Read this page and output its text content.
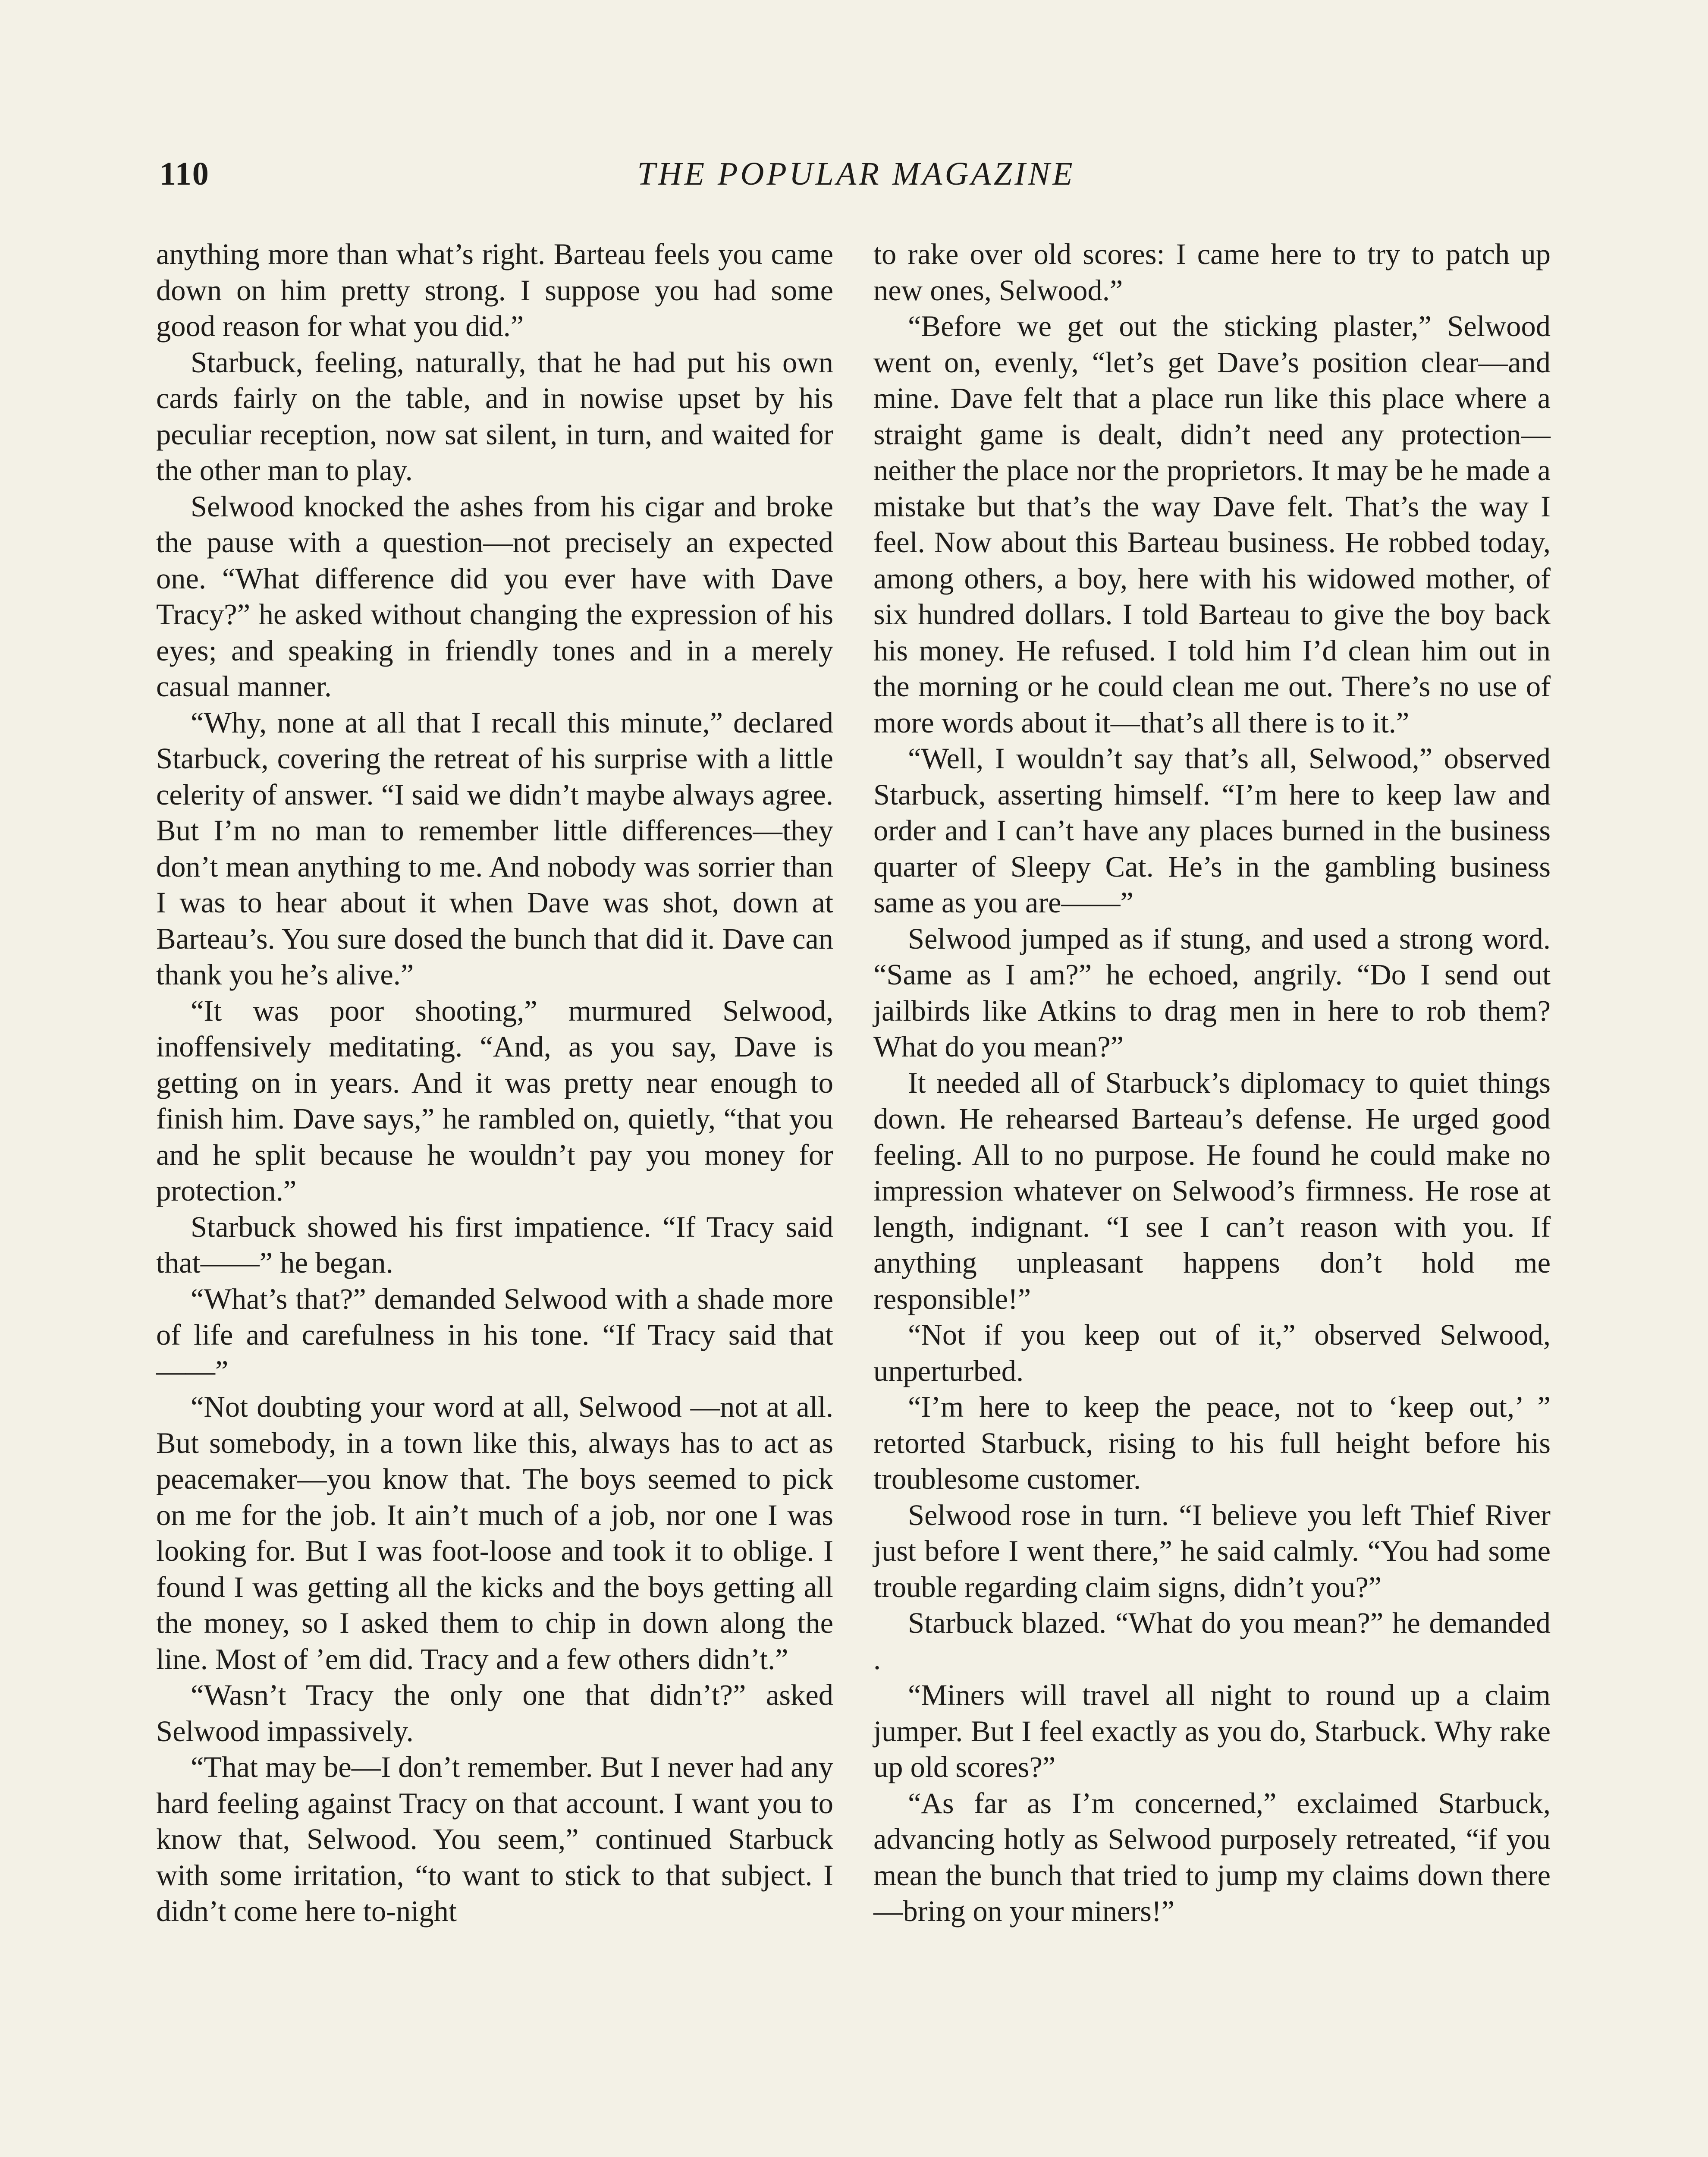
110	THE POPULAR MAGAZINE

anything more than what’s right. Barteau feels you came down on him pretty strong. I suppose you had some good reason for what you did.”

Starbuck, feeling, naturally, that he had put his own cards fairly on the table, and in nowise upset by his peculiar reception, now sat silent, in turn, and waited for the other man to play.

Selwood knocked the ashes from his cigar and broke the pause with a question—not precisely an expected one. “What difference did you ever have with Dave Tracy?” he asked without changing the expression of his eyes; and speaking in friendly tones and in a merely casual manner.

“Why, none at all that I recall this minute,” declared Starbuck, covering the retreat of his surprise with a little celerity of answer. “I said we didn’t maybe always agree. But I’m no man to remember little differences—they don’t mean anything to me. And nobody was sorrier than I was to hear about it when Dave was shot, down at Barteau’s. You sure dosed the bunch that did it. Dave can thank you he’s alive.”

“It was poor shooting,” murmured Selwood, inoffensively meditating. “And, as you say, Dave is getting on in years. And it was pretty near enough to finish him. Dave says,” he rambled on, quietly, “that you and he split because he wouldn’t pay you money for protection.”

Starbuck showed his first impatience. “If Tracy said that——” he began.

“What’s that?” demanded Selwood with a shade more of life and carefulness in his tone. “If Tracy said that——”

“Not doubting your word at all, Selwood —not at all. But somebody, in a town like this, always has to act as peacemaker—you know that. The boys seemed to pick on me for the job. It ain’t much of a job, nor one I was looking for. But I was foot-loose and took it to oblige. I found I was getting all the kicks and the boys getting all the money, so I asked them to chip in down along the line. Most of ’em did. Tracy and a few others didn’t.”

“Wasn’t Tracy the only one that didn’t?” asked Selwood impassively.

“That may be—I don’t remember. But I never had any hard feeling against Tracy on that account. I want you to know that, Selwood. You seem,” continued Starbuck with some irritation, “to want to stick to that subject. I didn’t come here to-night

to rake over old scores: I came here to try to patch up new ones, Selwood.”

“Before we get out the sticking plaster,” Selwood went on, evenly, “let’s get Dave’s position clear—and mine. Dave felt that a place run like this place where a straight game is dealt, didn’t need any protection—neither the place nor the proprietors. It may be he made a mistake but that’s the way Dave felt. That’s the way I feel. Now about this Barteau business. He robbed today, among others, a boy, here with his widowed mother, of six hundred dollars. I told Barteau to give the boy back his money. He refused. I told him I’d clean him out in the morning or he could clean me out. There’s no use of more words about it—that’s all there is to it.”

“Well, I wouldn’t say that’s all, Selwood,” observed Starbuck, asserting himself. “I’m here to keep law and order and I can’t have any places burned in the business quarter of Sleepy Cat. He’s in the gambling business same as you are——”

Selwood jumped as if stung, and used a strong word. “Same as I am?” he echoed, angrily. “Do I send out jailbirds like Atkins to drag men in here to rob them? What do you mean?”

It needed all of Starbuck’s diplomacy to quiet things down. He rehearsed Barteau’s defense. He urged good feeling. All to no purpose. He found he could make no impression whatever on Selwood’s firmness. He rose at length, indignant. “I see I can’t reason with you. If anything unpleasant happens don’t hold me responsible!”

“Not if you keep out of it,” observed Selwood, unperturbed.

“I’m here to keep the peace, not to ‘keep out,’ ” retorted Starbuck, rising to his full height before his troublesome customer.

Selwood rose in turn. “I believe you left Thief River just before I went there,” he said calmly. “You had some trouble regarding claim signs, didn’t you?”

Starbuck blazed. “What do you mean?” he demanded .

“Miners will travel all night to round up a claim jumper. But I feel exactly as you do, Starbuck. Why rake up old scores?”

“As far as I’m concerned,” exclaimed Starbuck, advancing hotly as Selwood purposely retreated, “if you mean the bunch that tried to jump my claims down there—bring on your miners!”
